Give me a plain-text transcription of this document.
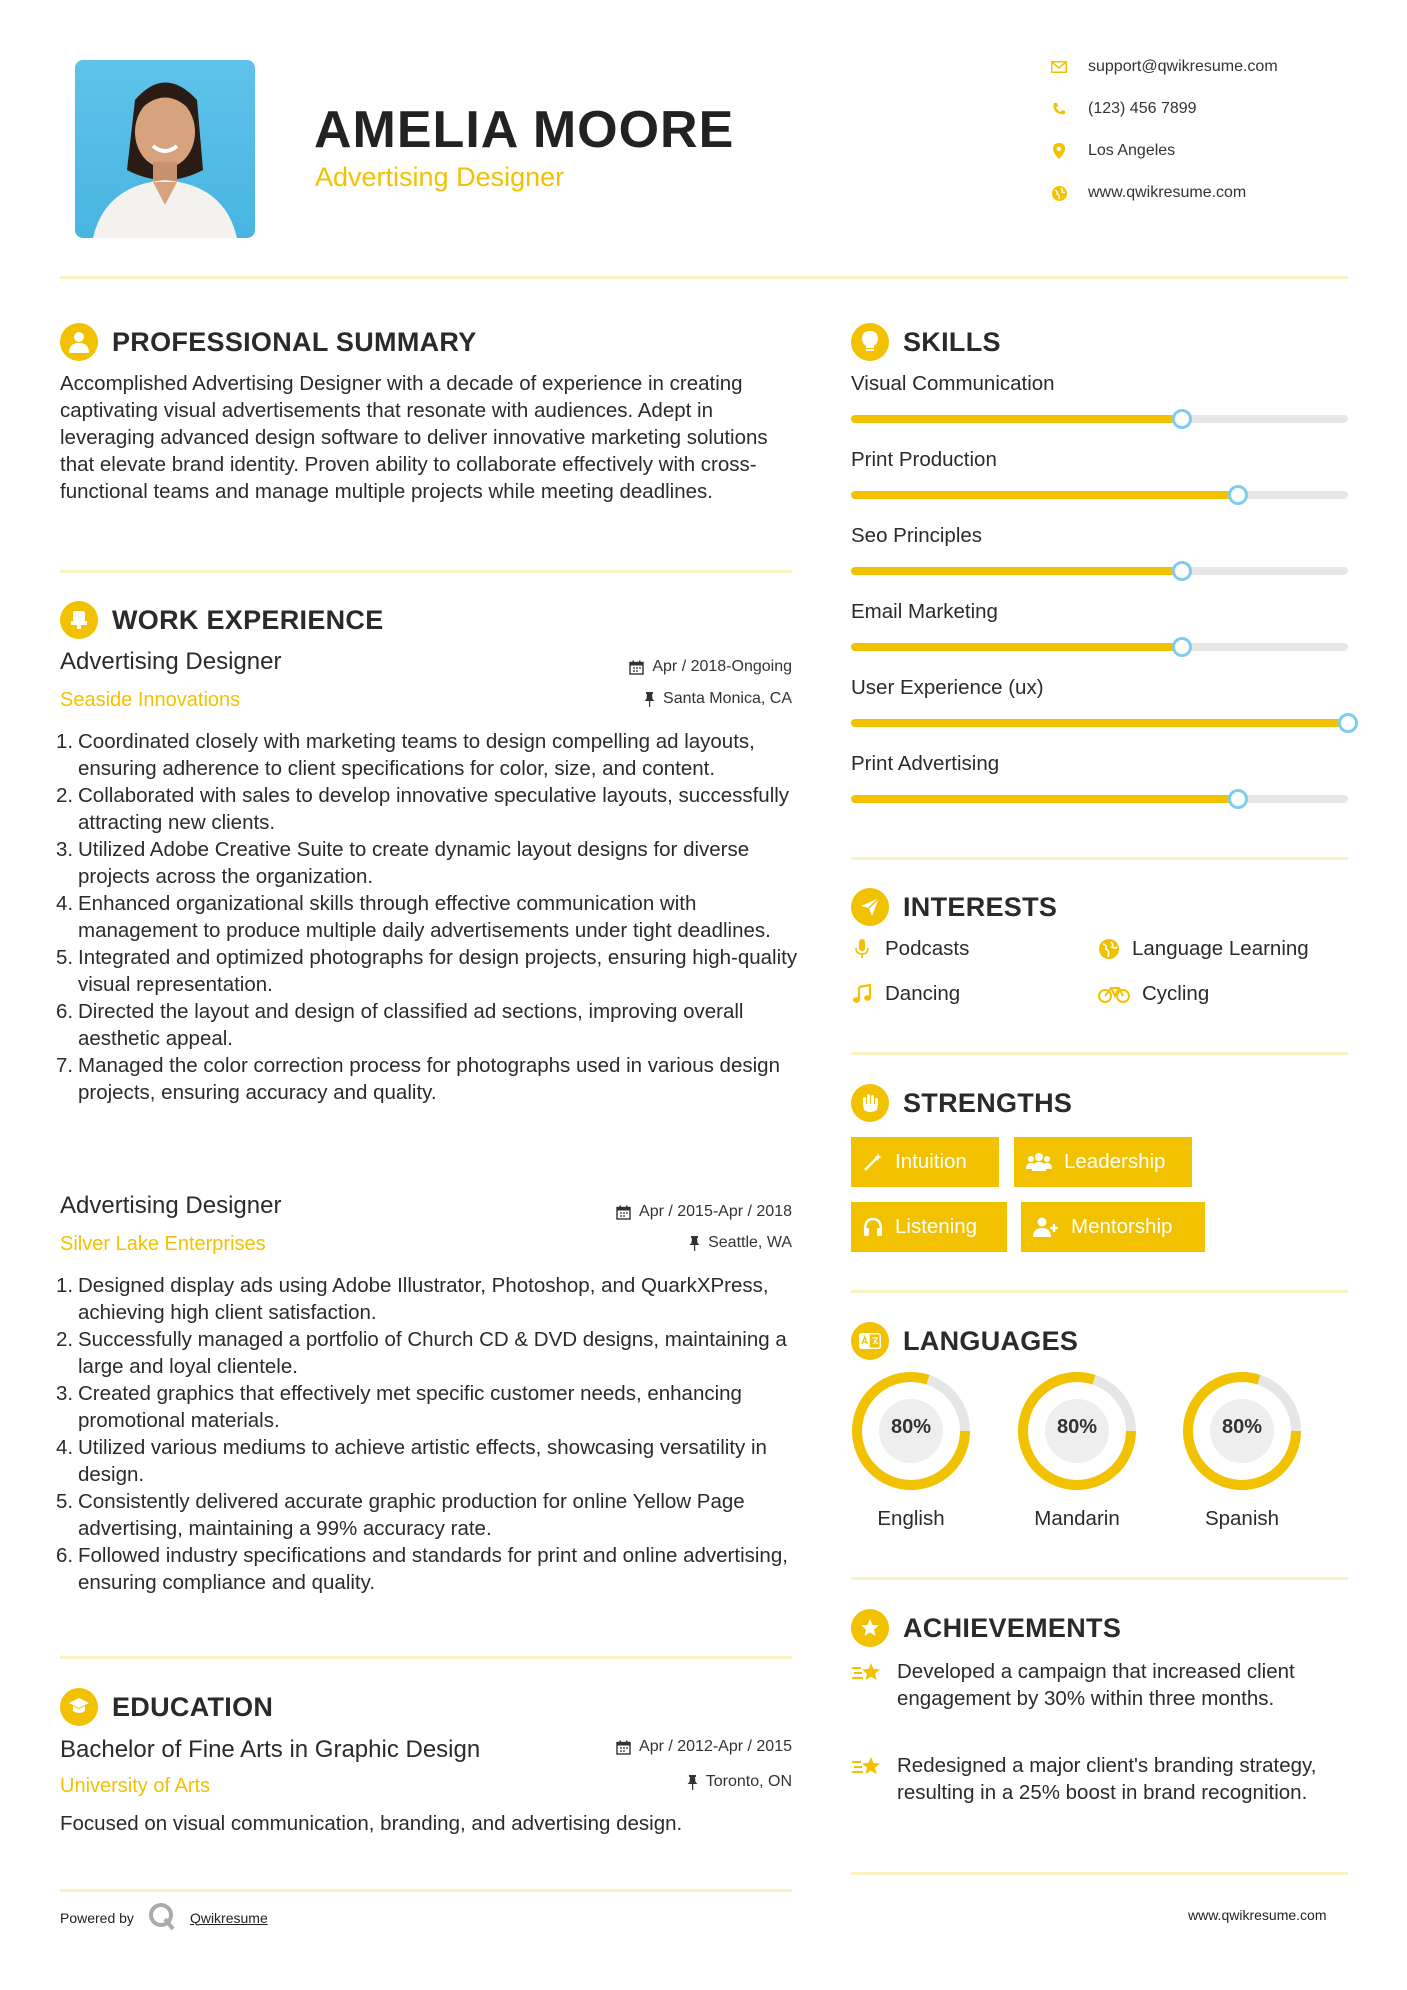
AMELIA MOORE
Advertising Designer
support@qwikresume.com
(123) 456 7899
Los Angeles
www.qwikresume.com
PROFESSIONAL SUMMARY
Accomplished Advertising Designer with a decade of experience in creating captivating visual advertisements that resonate with audiences. Adept in leveraging advanced design software to deliver innovative marketing solutions that elevate brand identity. Proven ability to collaborate effectively with cross-functional teams and manage multiple projects while meeting deadlines.
WORK EXPERIENCE
Advertising Designer
Seaside Innovations
Apr / 2018-Ongoing
Santa Monica, CA
1. Coordinated closely with marketing teams to design compelling ad layouts, ensuring adherence to client specifications for color, size, and content.
2. Collaborated with sales to develop innovative speculative layouts, successfully attracting new clients.
3. Utilized Adobe Creative Suite to create dynamic layout designs for diverse projects across the organization.
4. Enhanced organizational skills through effective communication with management to produce multiple daily advertisements under tight deadlines.
5. Integrated and optimized photographs for design projects, ensuring high-quality visual representation.
6. Directed the layout and design of classified ad sections, improving overall aesthetic appeal.
7. Managed the color correction process for photographs used in various design projects, ensuring accuracy and quality.
Advertising Designer
Silver Lake Enterprises
Apr / 2015-Apr / 2018
Seattle, WA
1. Designed display ads using Adobe Illustrator, Photoshop, and QuarkXPress, achieving high client satisfaction.
2. Successfully managed a portfolio of Church CD & DVD designs, maintaining a large and loyal clientele.
3. Created graphics that effectively met specific customer needs, enhancing promotional materials.
4. Utilized various mediums to achieve artistic effects, showcasing versatility in design.
5. Consistently delivered accurate graphic production for online Yellow Page advertising, maintaining a 99% accuracy rate.
6. Followed industry specifications and standards for print and online advertising, ensuring compliance and quality.
EDUCATION
Bachelor of Fine Arts in Graphic Design
University of Arts
Apr / 2012-Apr / 2015
Toronto, ON
Focused on visual communication, branding, and advertising design.
Powered by	Qwikresume	www.qwikresume.com
SKILLS
Visual Communication
Print Production
Seo Principles
Email Marketing
User Experience (ux)
Print Advertising
INTERESTS
Podcasts	Language Learning
Dancing	Cycling
STRENGTHS
Intuition	Leadership
Listening	Mentorship
LANGUAGES
80%
English
80%
Mandarin
80%
Spanish
ACHIEVEMENTS
Developed a campaign that increased client engagement by 30% within three months.
Redesigned a major client's branding strategy, resulting in a 25% boost in brand recognition.
